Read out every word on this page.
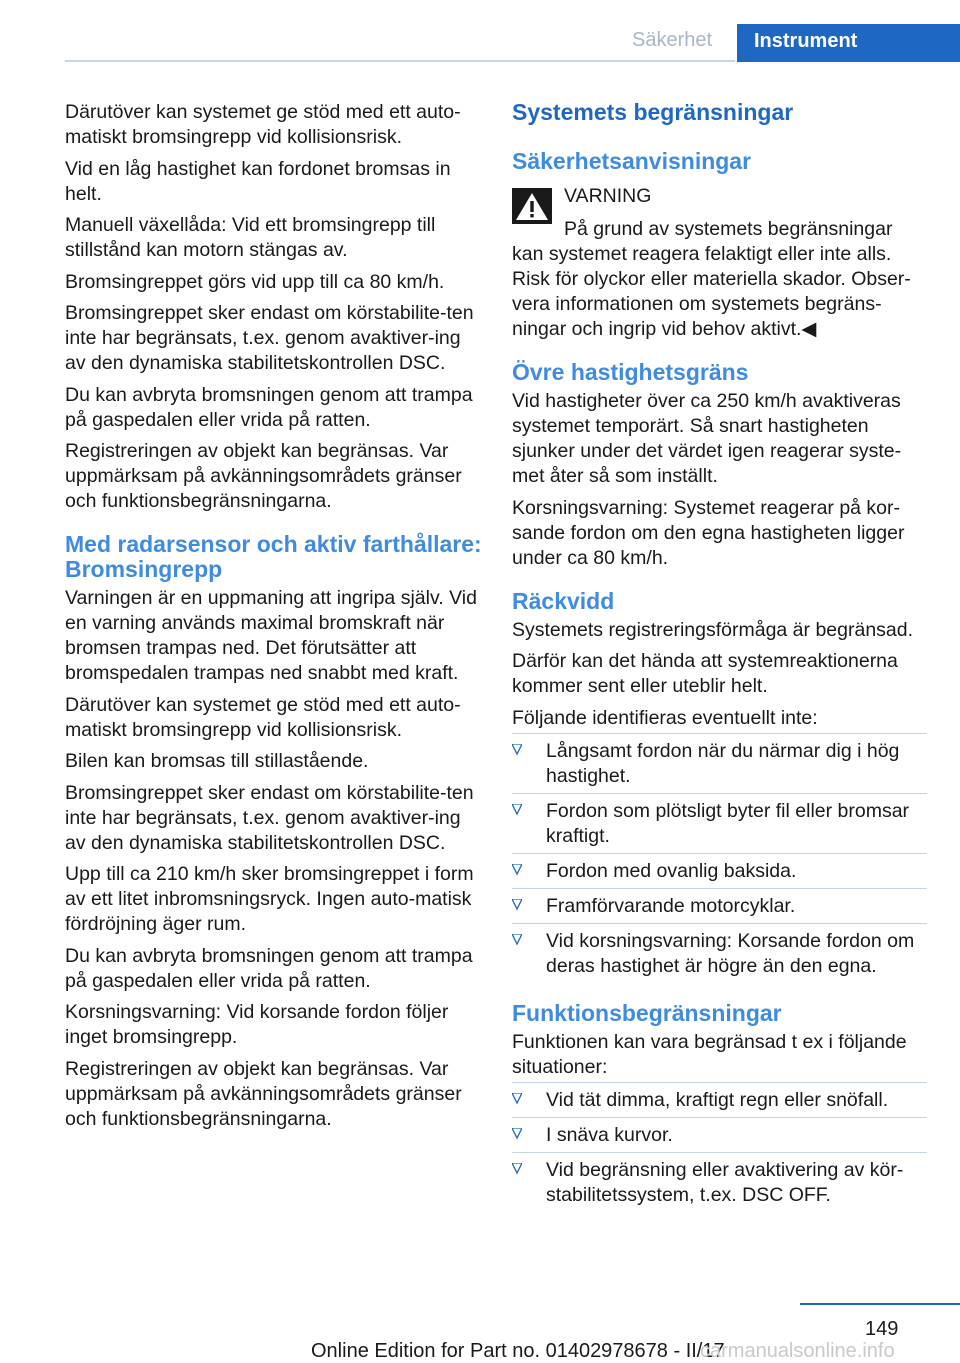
Säkerhet	Instrument

Därutöver kan systemet ge stöd med ett auto-matiskt bromsingrepp vid kollisionsrisk.

Vid en låg hastighet kan fordonet bromsas in helt.

Manuell växellåda: Vid ett bromsingrepp till stillstånd kan motorn stängas av.

Bromsingreppet görs vid upp till ca 80 km/h.

Bromsingreppet sker endast om körstabilite-ten inte har begränsats, t.ex. genom avaktiver-ing av den dynamiska stabilitetskontrollen DSC.

Du kan avbryta bromsningen genom att trampa på gaspedalen eller vrida på ratten.

Registreringen av objekt kan begränsas. Var uppmärksam på avkänningsområdets gränser och funktionsbegränsningarna.

Med radarsensor och aktiv farthållare: Bromsingrepp

Varningen är en uppmaning att ingripa själv. Vid en varning används maximal bromskraft när bromsen trampas ned. Det förutsätter att bromspedalen trampas ned snabbt med kraft.

Därutöver kan systemet ge stöd med ett auto-matiskt bromsingrepp vid kollisionsrisk.

Bilen kan bromsas till stillastående.

Bromsingreppet sker endast om körstabilite-ten inte har begränsats, t.ex. genom avaktiver-ing av den dynamiska stabilitetskontrollen DSC.

Upp till ca 210 km/h sker bromsingreppet i form av ett litet inbromsningsryck. Ingen auto-matisk fördröjning äger rum.

Du kan avbryta bromsningen genom att trampa på gaspedalen eller vrida på ratten.

Korsningsvarning: Vid korsande fordon följer inget bromsingrepp.

Registreringen av objekt kan begränsas. Var uppmärksam på avkänningsområdets gränser och funktionsbegränsningarna.

Systemets begränsningar
Säkerhetsanvisningar
VARNING
På grund av systemets begränsningar

kan systemet reagera felaktigt eller inte alls. Risk för olyckor eller materiella skador. Obser-vera informationen om systemets begräns-ningar och ingrip vid behov aktivt.◀

Övre hastighetsgräns

Vid hastigheter över ca 250 km/h avaktiveras systemet temporärt. Så snart hastigheten sjunker under det värdet igen reagerar syste-met åter så som inställt.

Korsningsvarning: Systemet reagerar på kor-sande fordon om den egna hastigheten ligger under ca 80 km/h.

Räckvidd

Systemets registreringsförmåga är begränsad.

Därför kan det hända att systemreaktionerna kommer sent eller uteblir helt.

Följande identifieras eventuellt inte:

Långsamt fordon när du närmar dig i hög hastighet.
Fordon som plötsligt byter fil eller bromsar kraftigt.
Fordon med ovanlig baksida.
Framförvarande motorcyklar.
Vid korsningsvarning: Korsande fordon om deras hastighet är högre än den egna.
Funktionsbegränsningar

Funktionen kan vara begränsad t ex i följande situationer:

Vid tät dimma, kraftigt regn eller snöfall.
I snäva kurvor.
Vid begränsning eller avaktivering av kör-stabilitetssystem, t.ex. DSC OFF.
149
Online Edition for Part no. 01402978678 - II/17
carmanualsonline.info
